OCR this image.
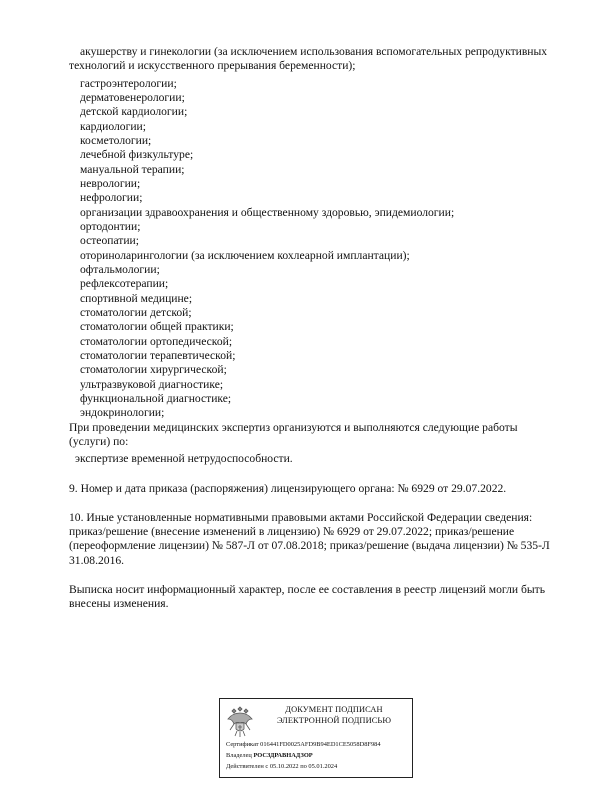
акушерству и гинекологии (за исключением использования вспомогательных репродуктивных
технологий и искусственного прерывания беременности);
гастроэнтерологии;
дерматовенерологии;
детской кардиологии;
кардиологии;
косметологии;
лечебной физкультуре;
мануальной терапии;
неврологии;
нефрологии;
организации здравоохранения и общественному здоровью, эпидемиологии;
ортодонтии;
остеопатии;
оториноларингологии (за исключением кохлеарной имплантации);
офтальмологии;
рефлексотерапии;
спортивной медицине;
стоматологии детской;
стоматологии общей практики;
стоматологии ортопедической;
стоматологии терапевтической;
стоматологии хирургической;
ультразвуковой диагностике;
функциональной диагностике;
эндокринологии;
При проведении медицинских экспертиз организуются и выполняются следующие работы
(услуги) по:
экспертизе временной нетрудоспособности.
9. Номер и дата приказа (распоряжения) лицензирующего органа: № 6929 от 29.07.2022.
10. Иные установленные нормативными правовыми актами Российской Федерации сведения:
приказ/решение (внесение изменений в лицензию) № 6929 от 29.07.2022; приказ/решение
(переоформление лицензии) № 587-Л от 07.08.2018; приказ/решение (выдача лицензии) № 535-Л
31.08.2016.
Выписка носит информационный характер, после ее составления в реестр лицензий могли быть
внесены изменения.
ДОКУМЕНТ ПОДПИСАН
ЭЛЕКТРОННОЙ ПОДПИСЬЮ
Сертификат 016441FD0025AFD9B94ED1CE5058D8F984
Владелец РОСЗДРАВНАДЗОР
Действителен с 05.10.2022 по 05.01.2024
